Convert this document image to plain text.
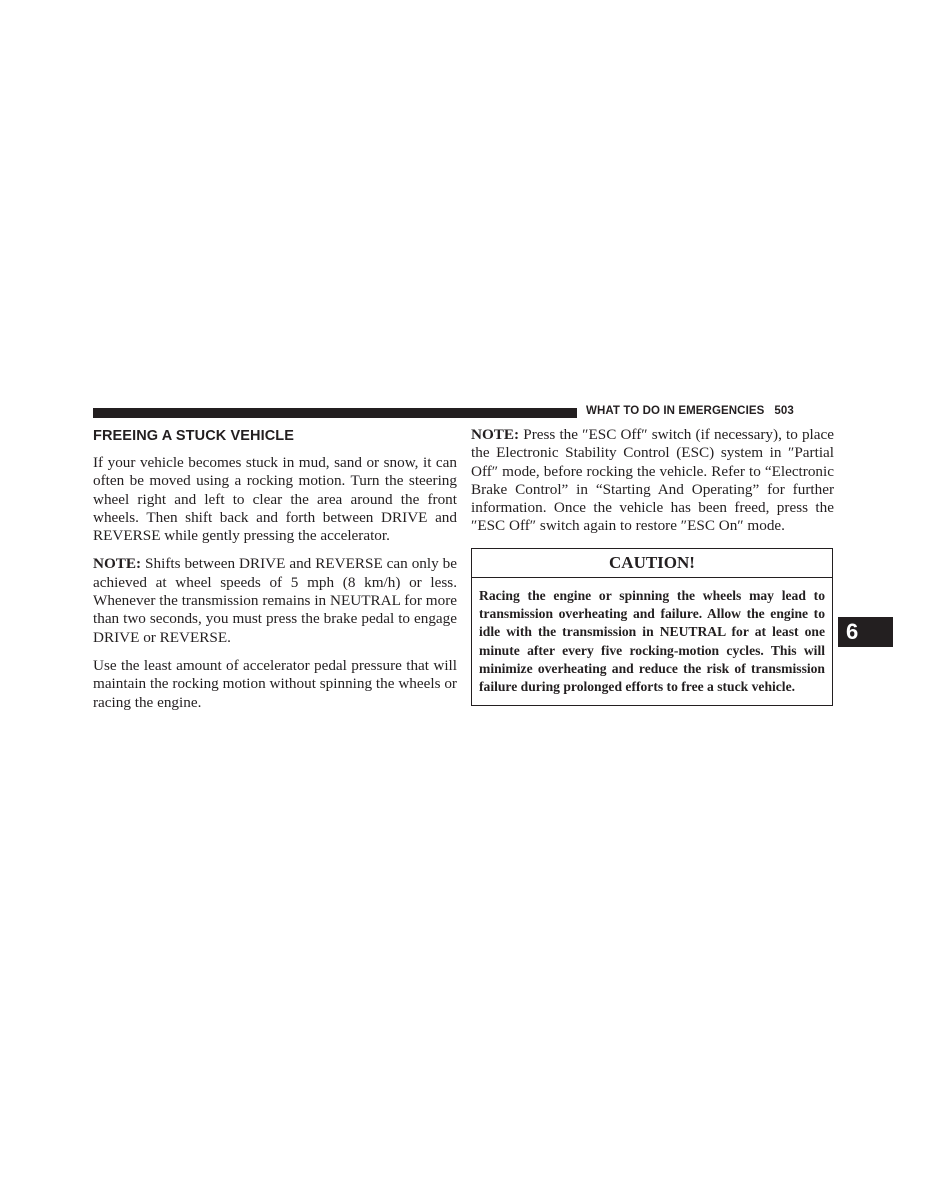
WHAT TO DO IN EMERGENCIES 503
FREEING A STUCK VEHICLE

If your vehicle becomes stuck in mud, sand or snow, it can often be moved using a rocking motion. Turn the steering wheel right and left to clear the area around the front wheels. Then shift back and forth between DRIVE and REVERSE while gently pressing the accelerator.

NOTE: Shifts between DRIVE and REVERSE can only be achieved at wheel speeds of 5 mph (8 km/h) or less. Whenever the transmission remains in NEUTRAL for more than two seconds, you must press the brake pedal to engage DRIVE or REVERSE.

Use the least amount of accelerator pedal pressure that will maintain the rocking motion without spinning the wheels or racing the engine.

NOTE: Press the ″ESC Off″ switch (if necessary), to place the Electronic Stability Control (ESC) system in ″Partial Off″ mode, before rocking the vehicle. Refer to “Electronic Brake Control” in “Starting And Operating” for further information. Once the vehicle has been freed, press the ″ESC Off″ switch again to restore ″ESC On″ mode.

CAUTION!
Racing the engine or spinning the wheels may lead to transmission overheating and failure. Allow the engine to idle with the transmission in NEUTRAL for at least one minute after every five rocking-motion cycles. This will minimize overheating and reduce the risk of transmission failure during prolonged efforts to free a stuck vehicle.
6
